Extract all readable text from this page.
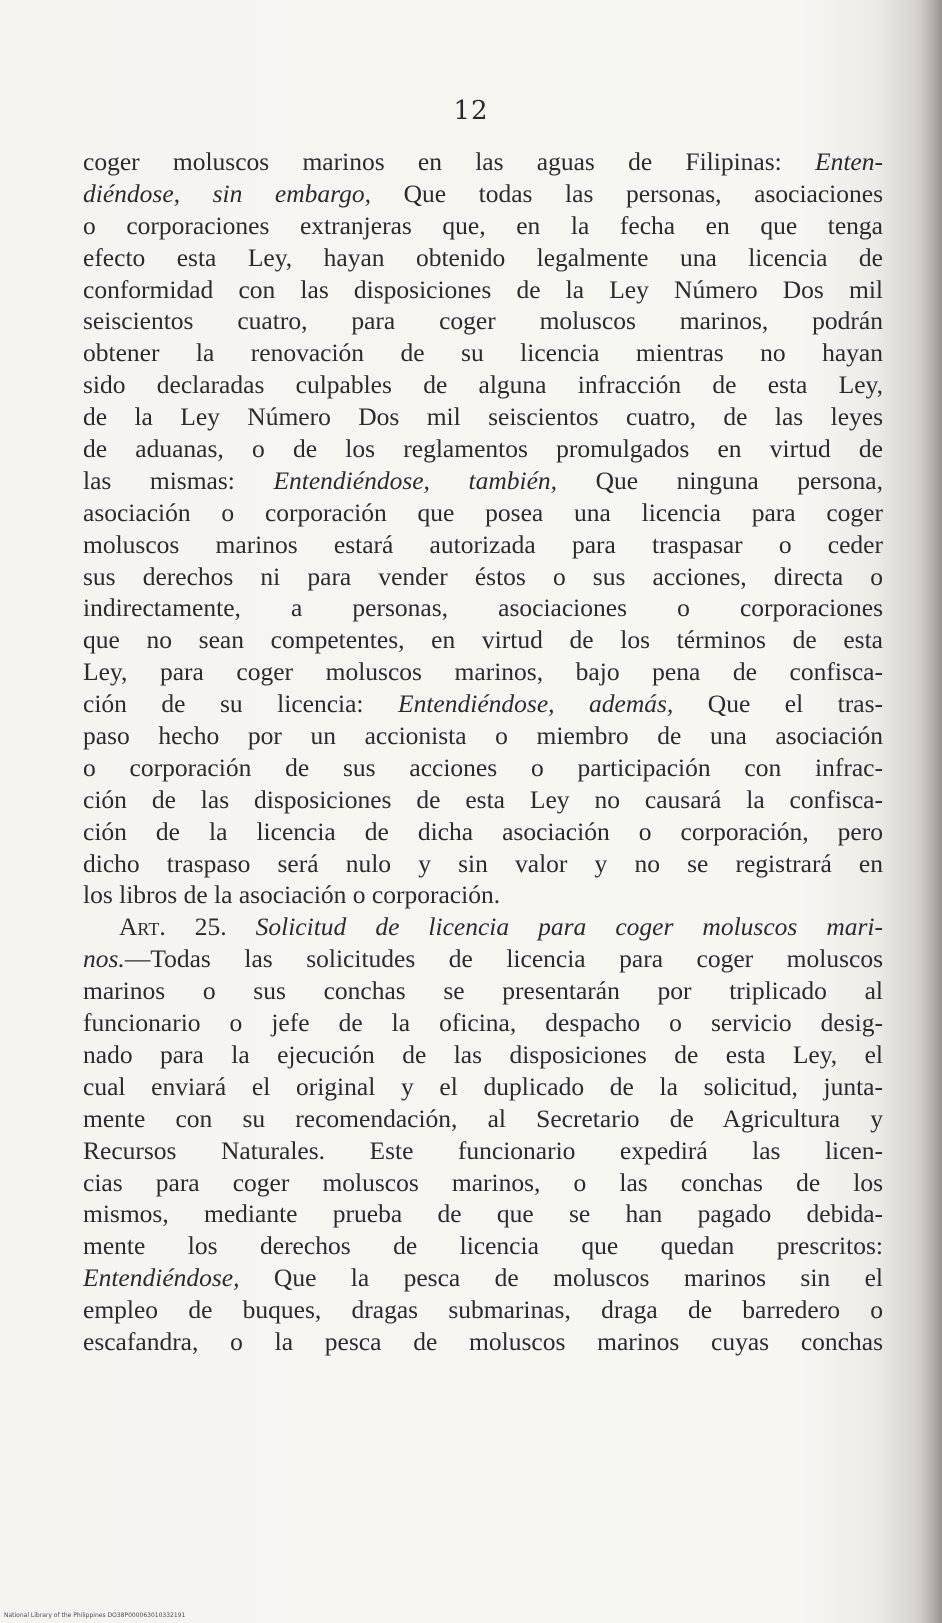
12
coger moluscos marinos en las aguas de Filipinas: Enten-
diéndose, sin embargo, Que todas las personas, asociaciones
o corporaciones extranjeras que, en la fecha en que tenga
efecto esta Ley, hayan obtenido legalmente una licencia de
conformidad con las disposiciones de la Ley Número Dos mil
seiscientos cuatro, para coger moluscos marinos, podrán
obtener la renovación de su licencia mientras no hayan
sido declaradas culpables de alguna infracción de esta Ley,
de la Ley Número Dos mil seiscientos cuatro, de las leyes
de aduanas, o de los reglamentos promulgados en virtud de
las mismas: Entendiéndose, también, Que ninguna persona,
asociación o corporación que posea una licencia para coger
moluscos marinos estará autorizada para traspasar o ceder
sus derechos ni para vender éstos o sus acciones, directa o
indirectamente, a personas, asociaciones o corporaciones
que no sean competentes, en virtud de los términos de esta
Ley, para coger moluscos marinos, bajo pena de confisca-
ción de su licencia: Entendiéndose, además, Que el tras-
paso hecho por un accionista o miembro de una asociación
o corporación de sus acciones o participación con infrac-
ción de las disposiciones de esta Ley no causará la confisca-
ción de la licencia de dicha asociación o corporación, pero
dicho traspaso será nulo y sin valor y no se registrará en
los libros de la asociación o corporación.
Art. 25. Solicitud de licencia para coger moluscos mari-
nos.—Todas las solicitudes de licencia para coger moluscos
marinos o sus conchas se presentarán por triplicado al
funcionario o jefe de la oficina, despacho o servicio desig-
nado para la ejecución de las disposiciones de esta Ley, el
cual enviará el original y el duplicado de la solicitud, junta-
mente con su recomendación, al Secretario de Agricultura y
Recursos Naturales. Este funcionario expedirá las licen-
cias para coger moluscos marinos, o las conchas de los
mismos, mediante prueba de que se han pagado debida-
mente los derechos de licencia que quedan prescritos:
Entendiéndose, Que la pesca de moluscos marinos sin el
empleo de buques, dragas submarinas, draga de barredero o
escafandra, o la pesca de moluscos marinos cuyas conchas
National Library of the Philippines DO38P000063010332191
